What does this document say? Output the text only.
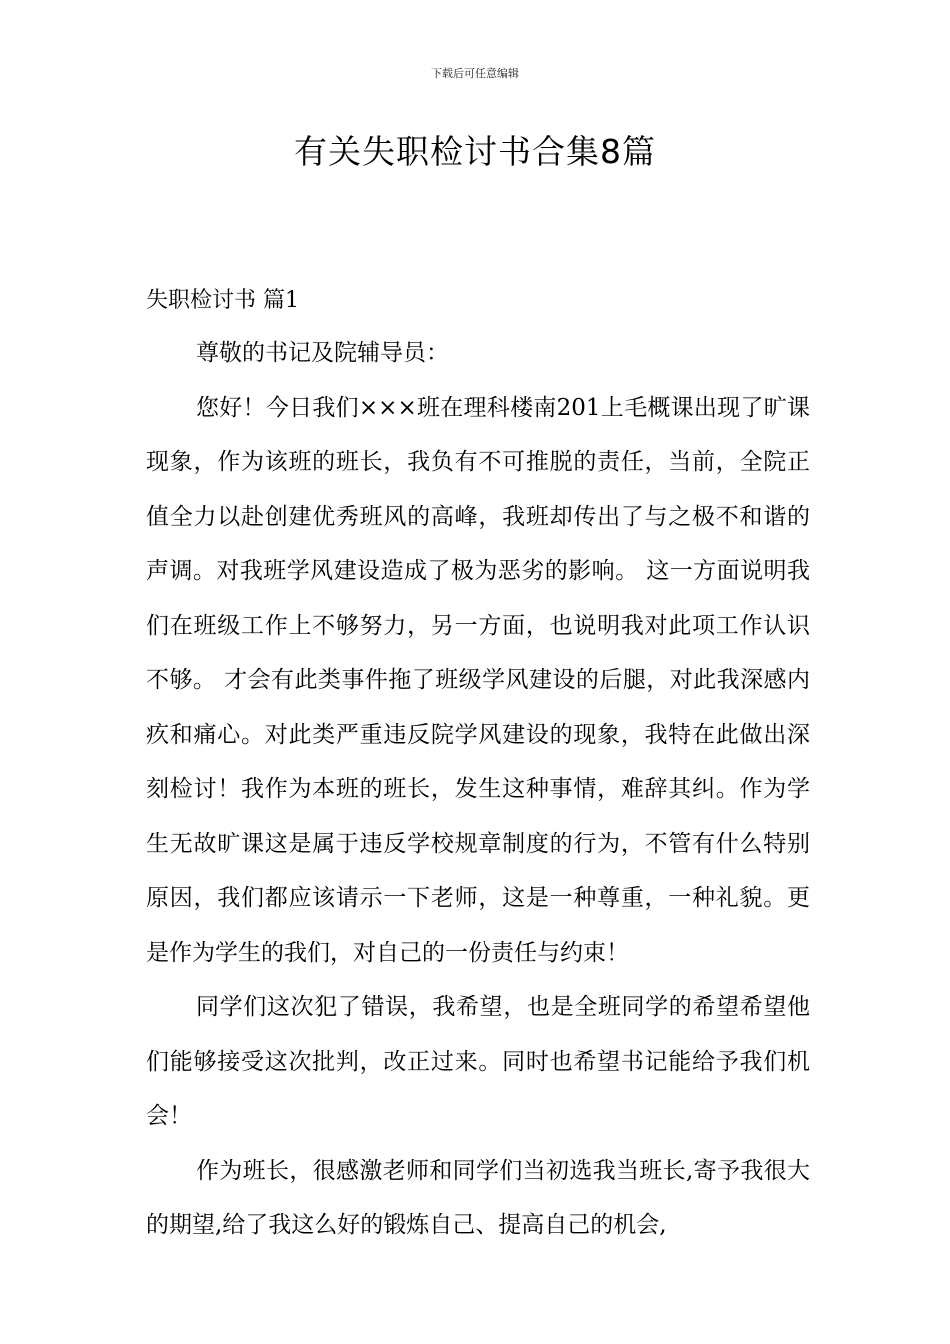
下载后可任意编辑
有关失职检讨书合集8篇
失职检讨书 篇1

尊敬的书记及院辅导员：

您好！今日我们×××班在理科楼南201上毛概课出现了旷课现象，作为该班的班长，我负有不可推脱的责任，当前，全院正值全力以赴创建优秀班风的高峰，我班却传出了与之极不和谐的声调。对我班学风建设造成了极为恶劣的影响。 这一方面说明我们在班级工作上不够努力，另一方面，也说明我对此项工作认识不够。 才会有此类事件拖了班级学风建设的后腿，对此我深感内疚和痛心。对此类严重违反院学风建设的现象，我特在此做出深刻检讨！我作为本班的班长，发生这种事情，难辞其纠。作为学生无故旷课这是属于违反学校规章制度的行为，不管有什么特别原因，我们都应该请示一下老师，这是一种尊重，一种礼貌。更是作为学生的我们，对自己的一份责任与约束！

同学们这次犯了错误，我希望，也是全班同学的希望希望他们能够接受这次批判，改正过来。同时也希望书记能给予我们机会！

作为班长，很感激老师和同学们当初选我当班长,寄予我很大的期望,给了我这么好的锻炼自己、提高自己的机会,
